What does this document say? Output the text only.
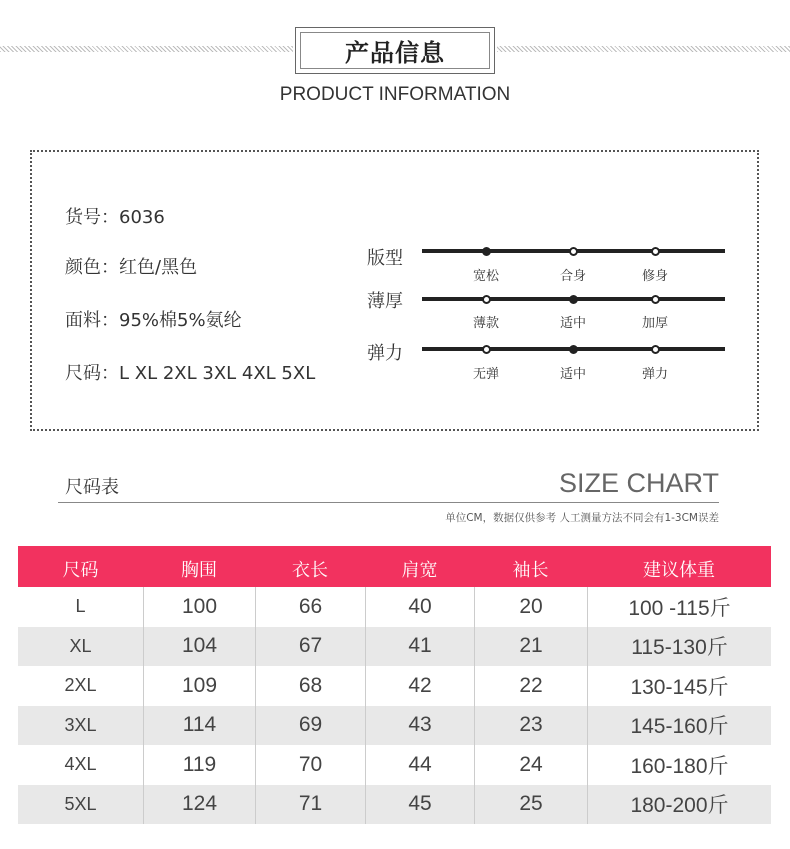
产品信息
PRODUCT INFORMATION
货号：6036
颜色：红色/黑色
面料：95%棉5%氨纶
尺码：L XL 2XL 3XL 4XL 5XL
版型
宽松	合身	修身
薄厚
薄款	适中	加厚
弹力
无弹	适中	弹力
尺码表	SIZE CHART
单位CM，数据仅供参考 人工测量方法不同会有1-3CM误差
尺码	胸围	衣长	肩宽	袖长	建议体重
L	100	66	40	20	100 -115斤
XL	104	67	41	21	115-130斤
2XL	109	68	42	22	130-145斤
3XL	114	69	43	23	145-160斤
4XL	119	70	44	24	160-180斤
5XL	124	71	45	25	180-200斤
